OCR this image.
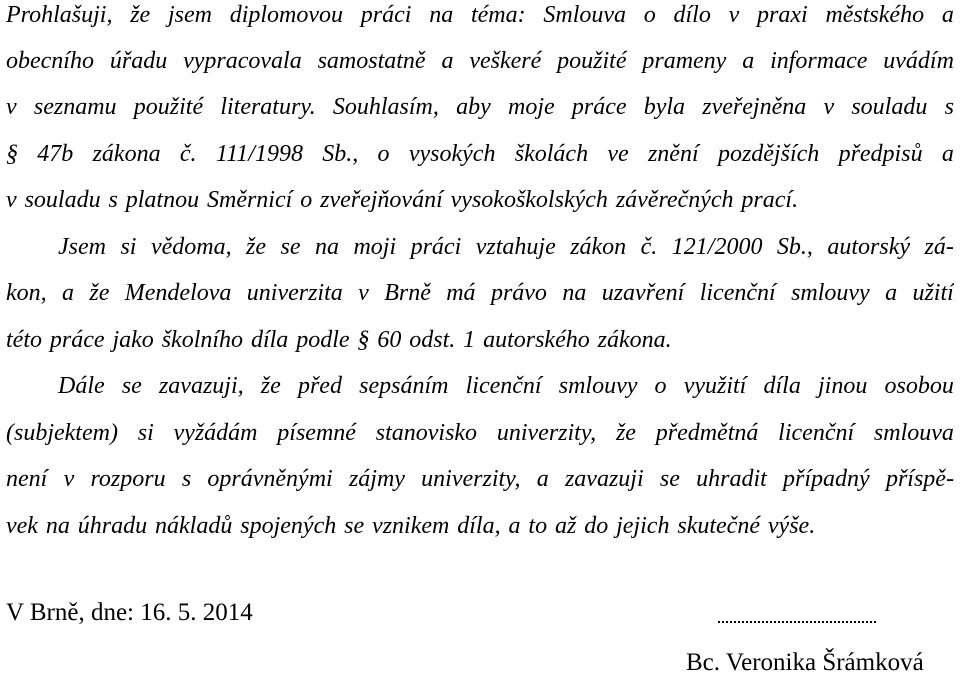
Prohlašuji, že jsem diplomovou práci na téma: Smlouva o dílo v praxi městského a
obecního úřadu vypracovala samostatně a veškeré použité prameny a informace uvádím
v seznamu použité literatury. Souhlasím, aby moje práce byla zveřejněna v souladu s
§ 47b zákona č. 111/1998 Sb., o vysokých školách ve znění pozdějších předpisů a
v souladu s platnou Směrnicí o zveřejňování vysokoškolských závěrečných prací.
Jsem si vědoma, že se na moji práci vztahuje zákon č. 121/2000 Sb., autorský zá-
kon, a že Mendelova univerzita v Brně má právo na uzavření licenční smlouvy a užití
této práce jako školního díla podle § 60 odst. 1 autorského zákona.
Dále se zavazuji, že před sepsáním licenční smlouvy o využití díla jinou osobou
(subjektem) si vyžádám písemné stanovisko univerzity, že předmětná licenční smlouva
není v rozporu s oprávněnými zájmy univerzity, a zavazuji se uhradit případný příspě-
vek na úhradu nákladů spojených se vznikem díla, a to až do jejich skutečné výše.
V Brně, dne: 16. 5. 2014
Bc. Veronika Šrámková
